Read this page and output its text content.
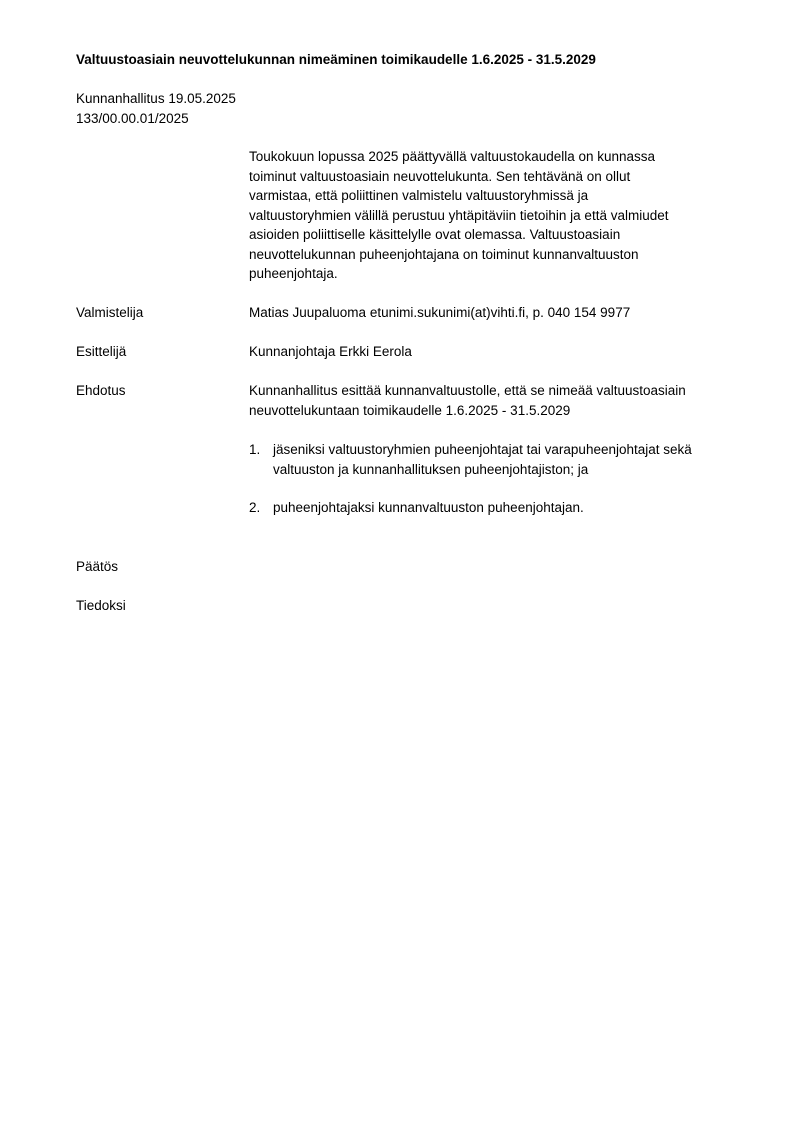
Valtuustoasiain neuvottelukunnan nimeäminen toimikaudelle 1.6.2025 - 31.5.2029
Kunnanhallitus 19.05.2025
133/00.00.01/2025
Toukokuun lopussa 2025 päättyvällä valtuustokaudella on kunnassa
toiminut valtuustoasiain neuvottelukunta. Sen tehtävänä on ollut
varmistaa, että poliittinen valmistelu valtuustoryhmissä ja
valtuustoryhmien välillä perustuu yhtäpitäviin tietoihin ja että valmiudet
asioiden poliittiselle käsittelylle ovat olemassa. Valtuustoasiain
neuvottelukunnan puheenjohtajana on toiminut kunnanvaltuuston
puheenjohtaja.
Valmistelija	Matias Juupaluoma etunimi.sukunimi(at)vihti.fi, p. 040 154 9977
Esittelijä	Kunnanjohtaja Erkki Eerola
Ehdotus	Kunnanhallitus esittää kunnanvaltuustolle, että se nimeää valtuustoasiain
neuvottelukuntaan toimikaudelle 1.6.2025 - 31.5.2029
1. jäseniksi valtuustoryhmien puheenjohtajat tai varapuheenjohtajat sekä
valtuuston ja kunnanhallituksen puheenjohtajiston; ja
2. puheenjohtajaksi kunnanvaltuuston puheenjohtajan.
Päätös
Tiedoksi
